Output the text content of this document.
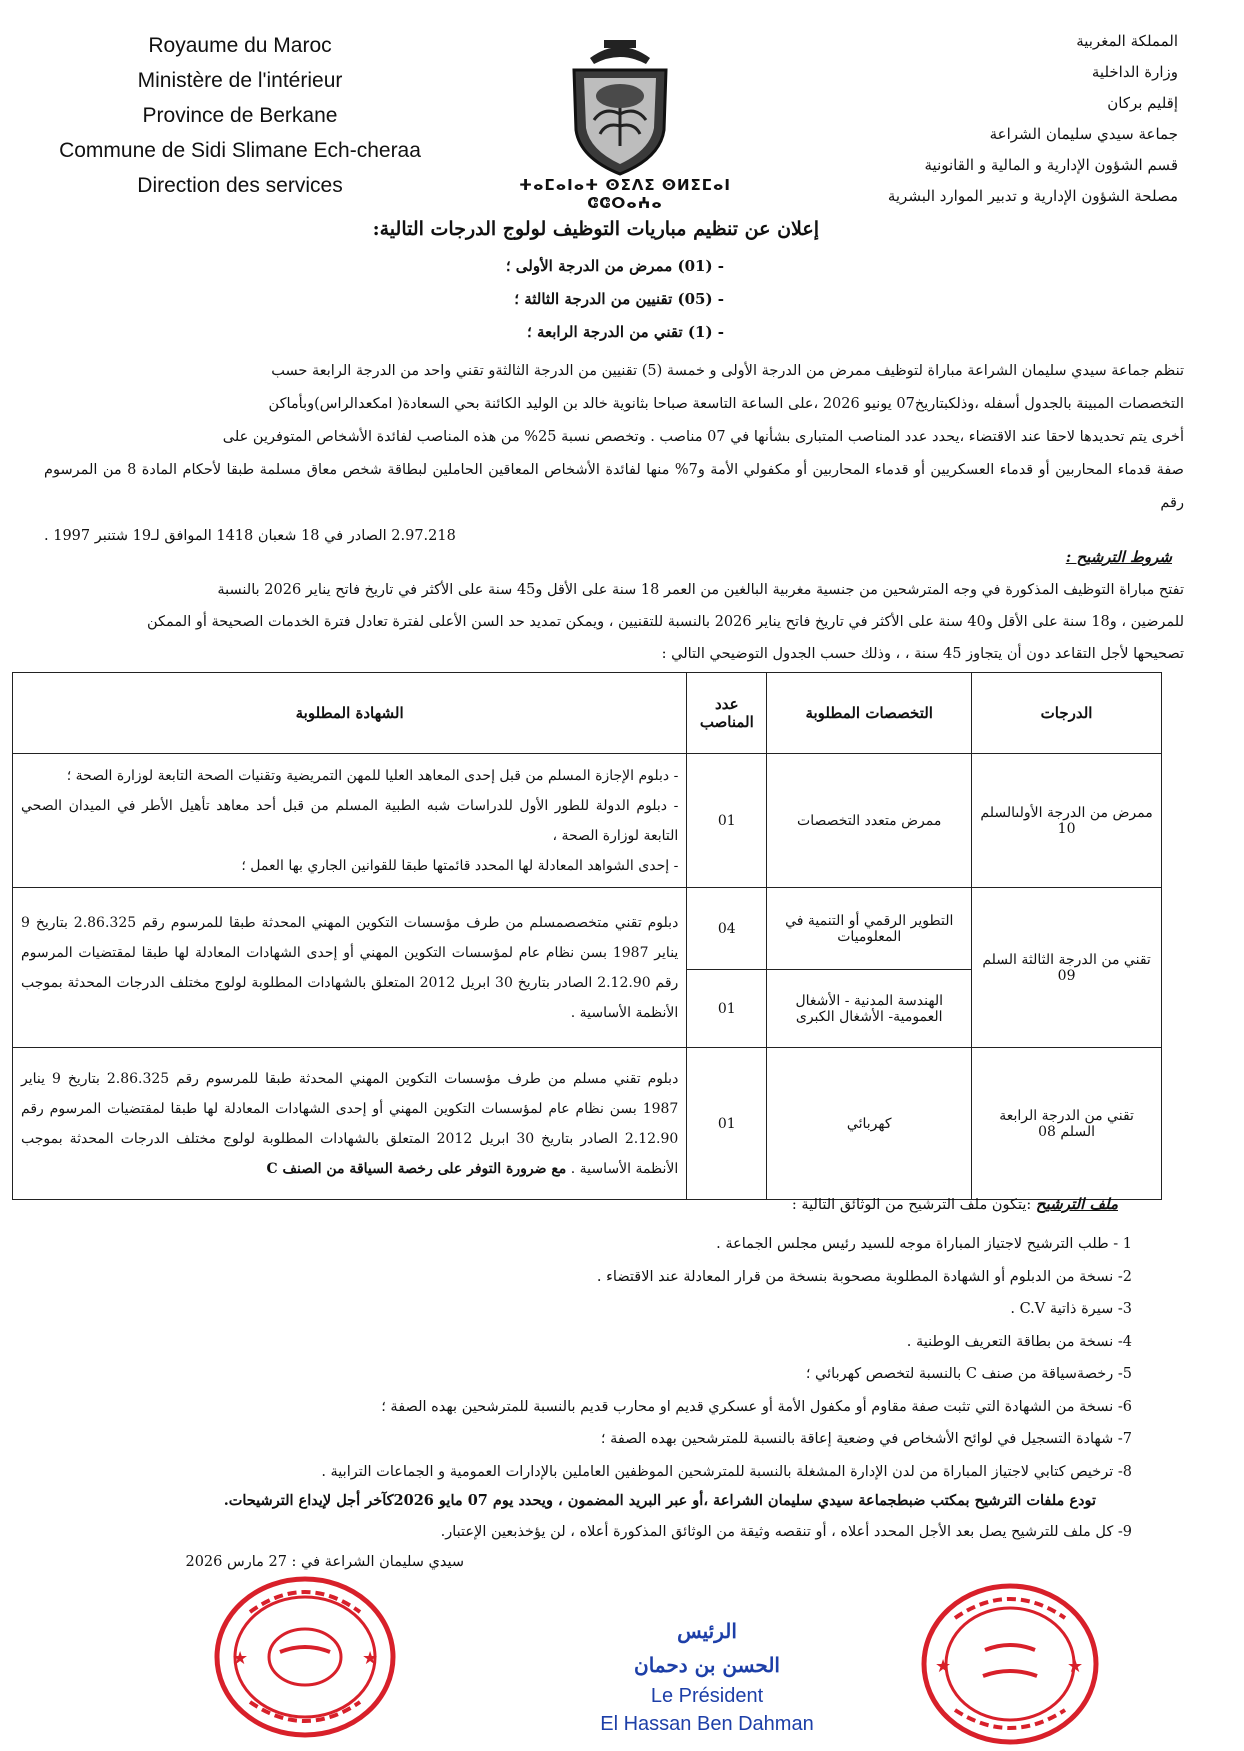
Royaume du Maroc
Ministère de l'intérieur
Province de Berkane
Commune de Sidi Slimane Ech-cheraa
Direction des services	ⵜⴰⵎⴰⵏⴰⵜ ⵙⵉⴷⵉ ⵙⵍⵉⵎⴰⵏ ⵛⵛⵔⴰⵄⴰ
المملكة المغربية
وزارة الداخلية
إقليم بركان
جماعة سيدي سليمان الشراعة
قسم الشؤون الإدارية و المالية و القانونية
مصلحة الشؤون الإدارية و تدبير الموارد البشرية
إعلان عن تنظيم مباريات التوظيف لولوج الدرجات التالية:
- (01) ممرض من الدرجة الأولى ؛
- (05) تقنيين من الدرجة الثالثة ؛
- (1) تقني من الدرجة الرابعة ؛
تنظم جماعة سيدي سليمان الشراعة مباراة لتوظيف ممرض من الدرجة الأولى و خمسة (5) تقنيين من الدرجة الثالثةو تقني واحد من الدرجة الرابعة حسب
التخصصات المبينة بالجدول أسفله ،وذلكبتاريخ07 يونيو 2026 ،على الساعة التاسعة صباحا بثانوية خالد بن الوليد الكائنة بحي السعادة( امكعدالراس)وبأماكن
أخرى يتم تحديدها لاحقا عند الاقتضاء ،يحدد عدد المناصب المتبارى بشأنها في 07 مناصب . وتخصص نسبة 25% من هذه المناصب لفائدة الأشخاص المتوفرين على
صفة قدماء المحاربين أو قدماء العسكريين أو قدماء المحاربين أو مكفولي الأمة و7% منها لفائدة الأشخاص المعاقين الحاملين لبطاقة شخص معاق مسلمة طبقا لأحكام المادة 8 من المرسوم رقم
2.97.218 الصادر في 18 شعبان 1418 الموافق لـ19 شتنبر 1997 .
شروط الترشيح :
تفتح مباراة التوظيف المذكورة في وجه المترشحين من جنسية مغربية البالغين من العمر 18 سنة على الأقل و45 سنة على الأكثر في تاريخ فاتح يناير 2026 بالنسبة
للمرضين ، و18 سنة على الأقل و40 سنة على الأكثر في تاريخ فاتح يناير 2026 بالنسبة للتقنيين ، ويمكن تمديد حد السن الأعلى لفترة تعادل فترة الخدمات الصحيحة أو الممكن
تصحيحها لأجل التقاعد دون أن يتجاوز 45 سنة ، ، وذلك حسب الجدول التوضيحي التالي :
الدرجات	التخصصات المطلوبة	عدد المناصب	الشهادة المطلوبة
ممرض من الدرجة الأولىالسلم 10	ممرض متعدد التخصصات	01	- دبلوم الإجازة المسلم من قبل إحدى المعاهد العليا للمهن التمريضية وتقنيات الصحة التابعة لوزارة الصحة ؛
- دبلوم الدولة للطور الأول للدراسات شبه الطبية المسلم من قبل أحد معاهد تأهيل الأطر في الميدان الصحي التابعة لوزارة الصحة ،
- إحدى الشواهد المعادلة لها المحدد قائمتها طبقا للقوانين الجاري بها العمل ؛

تقني من الدرجة الثالثة السلم 09	التطوير الرقمي أو التنمية في المعلوميات	04	دبلوم تقني متخصصمسلم من طرف مؤسسات التكوين المهني المحدثة طبقا للمرسوم رقم 2.86.325 بتاريخ 9 يناير 1987 بسن نظام عام لمؤسسات التكوين المهني أو إحدى الشهادات المعادلة لها طبقا لمقتضيات المرسوم رقم 2.12.90 الصادر بتاريخ 30 ابريل 2012 المتعلق بالشهادات المطلوبة لولوج مختلف الدرجات المحدثة بموجب الأنظمة الأساسية .
	الهندسة المدنية - الأشغال العمومية- الأشغال الكبرى	01	
تقني من الدرجة الرابعة السلم 08	كهربائي	01	دبلوم تقني مسلم من طرف مؤسسات التكوين المهني المحدثة طبقا للمرسوم رقم 2.86.325 بتاريخ 9 يناير 1987 بسن نظام عام لمؤسسات التكوين المهني أو إحدى الشهادات المعادلة لها طبقا لمقتضيات المرسوم رقم 2.12.90 الصادر بتاريخ 30 ابريل 2012 المتعلق بالشهادات المطلوبة لولوج مختلف الدرجات المحدثة بموجب الأنظمة الأساسية . مع ضرورة التوفر على رخصة السياقة من الصنف C
ملف الترشيح :يتكون ملف الترشيح من الوثائق التالية :
1 - طلب الترشيح لاجتياز المباراة موجه للسيد رئيس مجلس الجماعة .
2- نسخة من الدبلوم أو الشهادة المطلوبة مصحوبة بنسخة من قرار المعادلة عند الاقتضاء .
3- سيرة ذاتية C.V .
4- نسخة من بطاقة التعريف الوطنية .
5- رخصةسياقة من صنف C بالنسبة لتخصص كهربائي ؛
6- نسخة من الشهادة التي تثبت صفة مقاوم أو مكفول الأمة أو عسكري قديم او محارب قديم بالنسبة للمترشحين بهده الصفة ؛
7- شهادة التسجيل في لوائح الأشخاص في وضعية إعاقة بالنسبة للمترشحين بهده الصفة ؛
8- ترخيص كتابي لاجتياز المباراة من لدن الإدارة المشغلة بالنسبة للمترشحين الموظفين العاملين بالإدارات العمومية و الجماعات الترابية .
تودع ملفات الترشيح بمكتب ضبطجماعة سيدي سليمان الشراعة ،أو عبر البريد المضمون ، ويحدد يوم 07 مايو 2026كآخر أجل لإيداع الترشيحات.
9- كل ملف للترشيح يصل بعد الأجل المحدد أعلاه ، أو تنقصه وثيقة من الوثائق المذكورة أعلاه ، لن يؤخذبعين الإعتبار.
سيدي سليمان الشراعة في : 27 مارس 2026
★	★	★	★
الرئيس
الحسن بن دحمان
Le Président
El Hassan Ben Dahman
